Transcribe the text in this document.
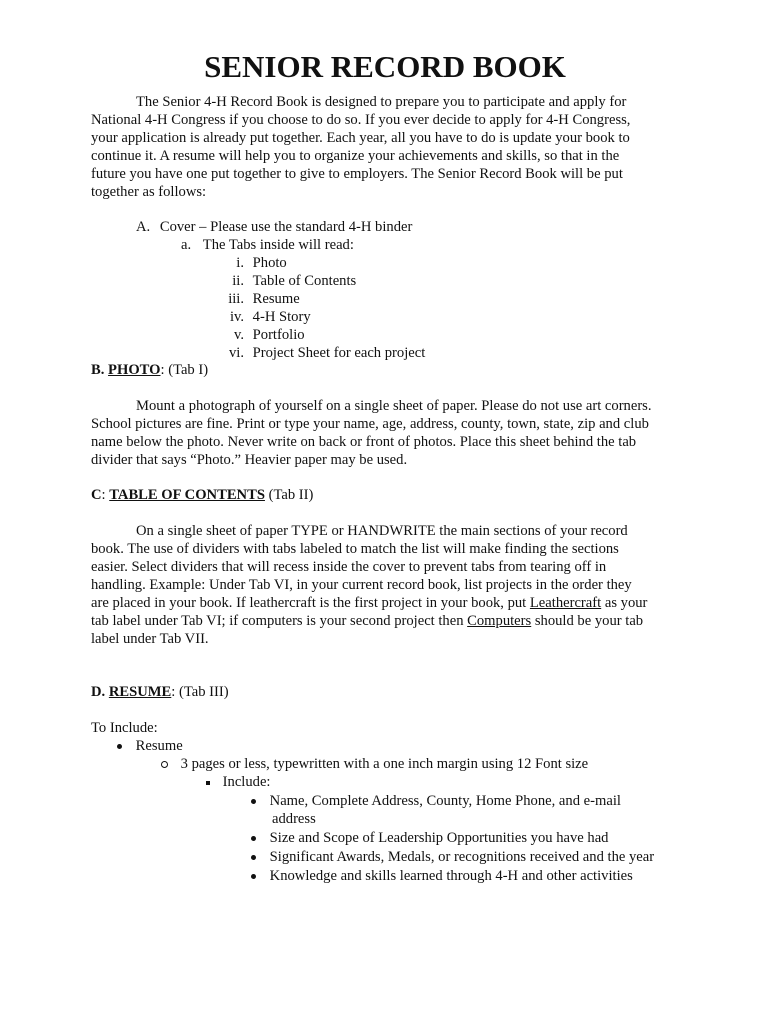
SENIOR RECORD BOOK
The Senior 4-H Record Book is designed to prepare you to participate and apply for
National 4-H Congress if you choose to do so. If you ever decide to apply for 4-H Congress,
your application is already put together. Each year, all you have to do is update your book to
continue it. A resume will help you to organize your achievements and skills, so that in the
future you have one put together to give to employers. The Senior Record Book will be put
together as follows:
A. Cover – Please use the standard 4-H binder
a. The Tabs inside will read:
i. Photo
ii. Table of Contents
iii. Resume
iv. 4-H Story
v. Portfolio
vi. Project Sheet for each project
B. PHOTO: (Tab I)
Mount a photograph of yourself on a single sheet of paper. Please do not use art corners.
School pictures are fine. Print or type your name, age, address, county, town, state, zip and club
name below the photo. Never write on back or front of photos. Place this sheet behind the tab
divider that says “Photo.” Heavier paper may be used.
C: TABLE OF CONTENTS (Tab II)
On a single sheet of paper TYPE or HANDWRITE the main sections of your record
book. The use of dividers with tabs labeled to match the list will make finding the sections
easier. Select dividers that will recess inside the cover to prevent tabs from tearing off in
handling. Example: Under Tab VI, in your current record book, list projects in the order they
are placed in your book. If leathercraft is the first project in your book, put Leathercraft as your
tab label under Tab VI; if computers is your second project then Computers should be your tab
label under Tab VII.
D. RESUME: (Tab III)
To Include:
Resume
3 pages or less, typewritten with a one inch margin using 12 Font size
Include:
Name, Complete Address, County, Home Phone, and e-mail
address
Size and Scope of Leadership Opportunities you have had
Significant Awards, Medals, or recognitions received and the year
Knowledge and skills learned through 4-H and other activities
